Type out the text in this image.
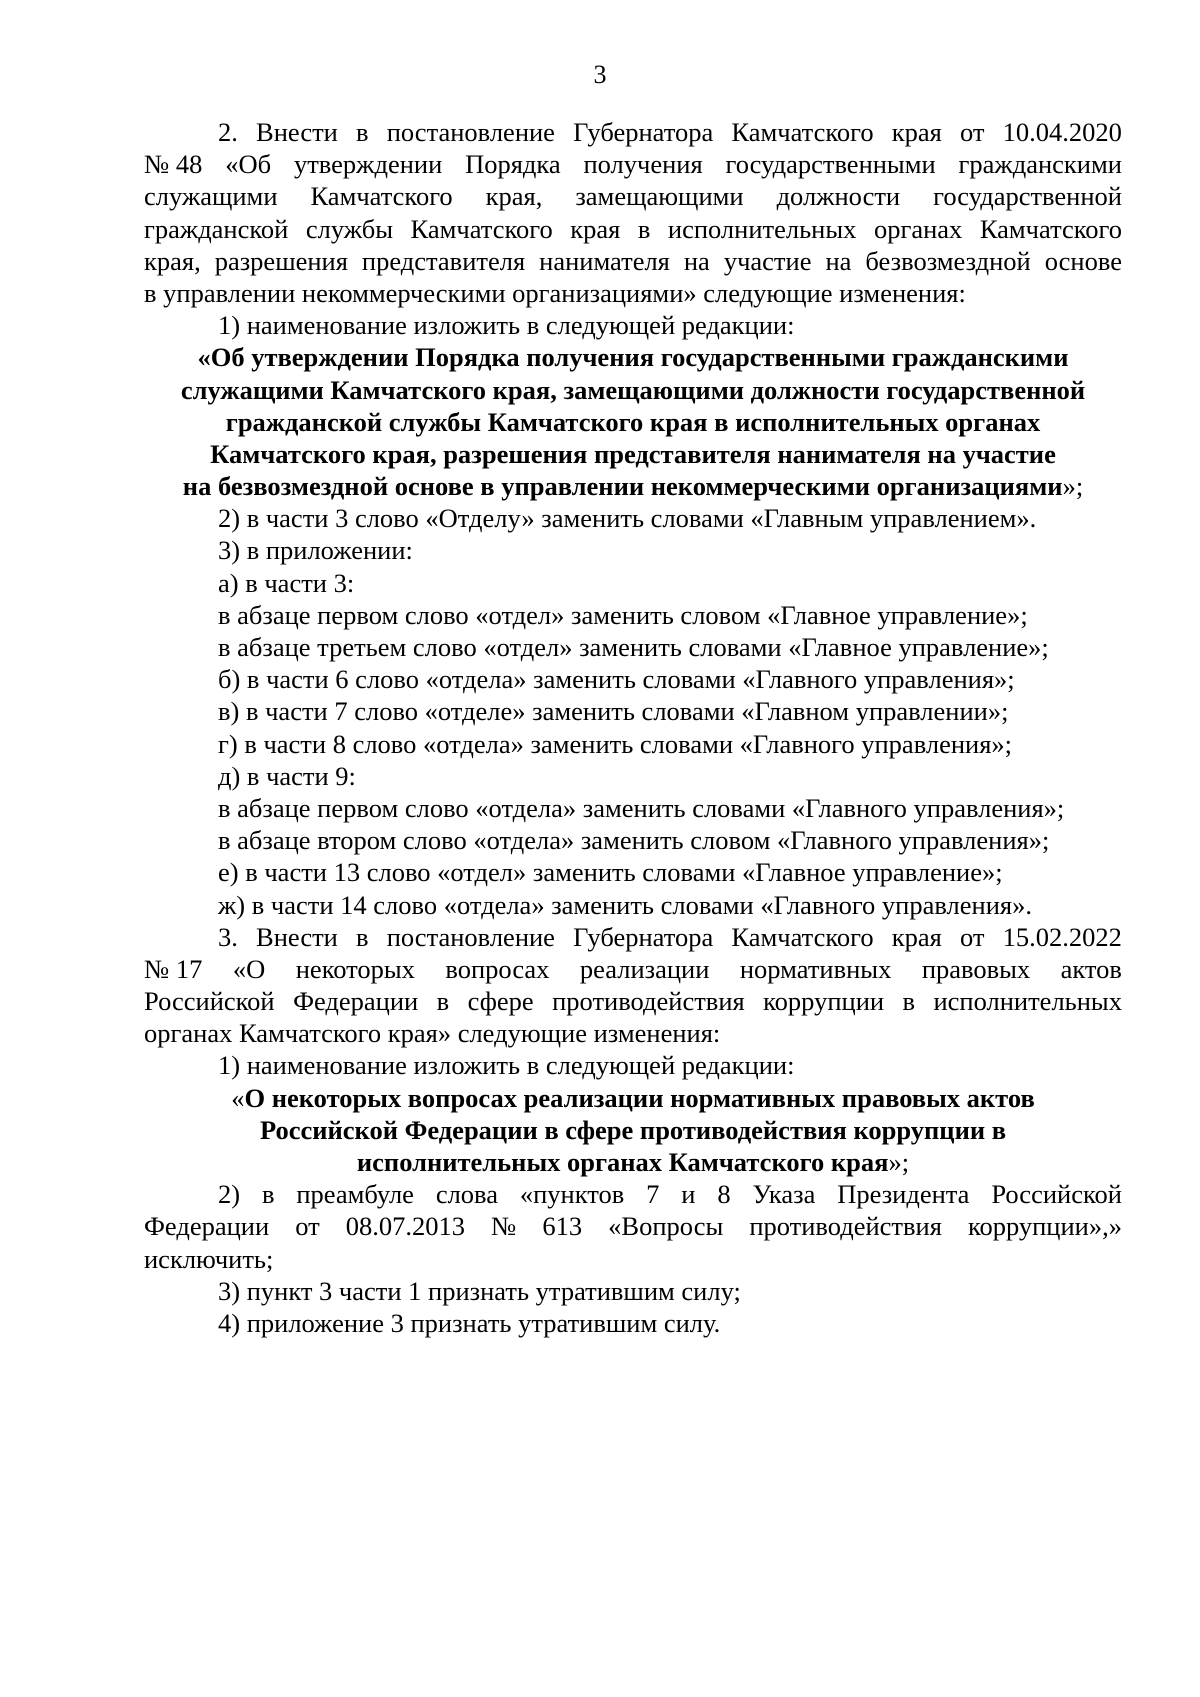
3
2. Внести в постановление Губернатора Камчатского края от 10.04.2020
№ 48 «Об утверждении Порядка получения государственными гражданскими
служащими Камчатского края, замещающими должности государственной
гражданской службы Камчатского края в исполнительных органах Камчатского
края, разрешения представителя нанимателя на участие на безвозмездной основе
в управлении некоммерческими организациями» следующие изменения:
1) наименование изложить в следующей редакции:
«Об утверждении Порядка получения государственными гражданскими
служащими Камчатского края, замещающими должности государственной
гражданской службы Камчатского края в исполнительных органах
Камчатского края, разрешения представителя нанимателя на участие
на безвозмездной основе в управлении некоммерческими организациями»;
2) в части 3 слово «Отделу» заменить словами «Главным управлением».
3) в приложении:
а) в части 3:
в абзаце первом слово «отдел» заменить словом «Главное управление»;
в абзаце третьем слово «отдел» заменить словами «Главное управление»;
б) в части 6 слово «отдела» заменить словами «Главного управления»;
в) в части 7 слово «отделе» заменить словами «Главном управлении»;
г) в части 8 слово «отдела» заменить словами «Главного управления»;
д) в части 9:
в абзаце первом слово «отдела» заменить словами «Главного управления»;
в абзаце втором слово «отдела» заменить словом «Главного управления»;
е) в части 13 слово «отдел» заменить словами «Главное управление»;
ж) в части 14 слово «отдела» заменить словами «Главного управления».
3. Внести в постановление Губернатора Камчатского края от 15.02.2022
№ 17 «О некоторых вопросах реализации нормативных правовых актов
Российской Федерации в сфере противодействия коррупции в исполнительных
органах Камчатского края» следующие изменения:
1) наименование изложить в следующей редакции:
«О некоторых вопросах реализации нормативных правовых актов
Российской Федерации в сфере противодействия коррупции в
исполнительных органах Камчатского края»;
2) в преамбуле слова «пунктов 7 и 8 Указа Президента Российской
Федерации от 08.07.2013 № 613 «Вопросы противодействия коррупции»,»
исключить;
3) пункт 3 части 1 признать утратившим силу;
4) приложение 3 признать утратившим силу.
